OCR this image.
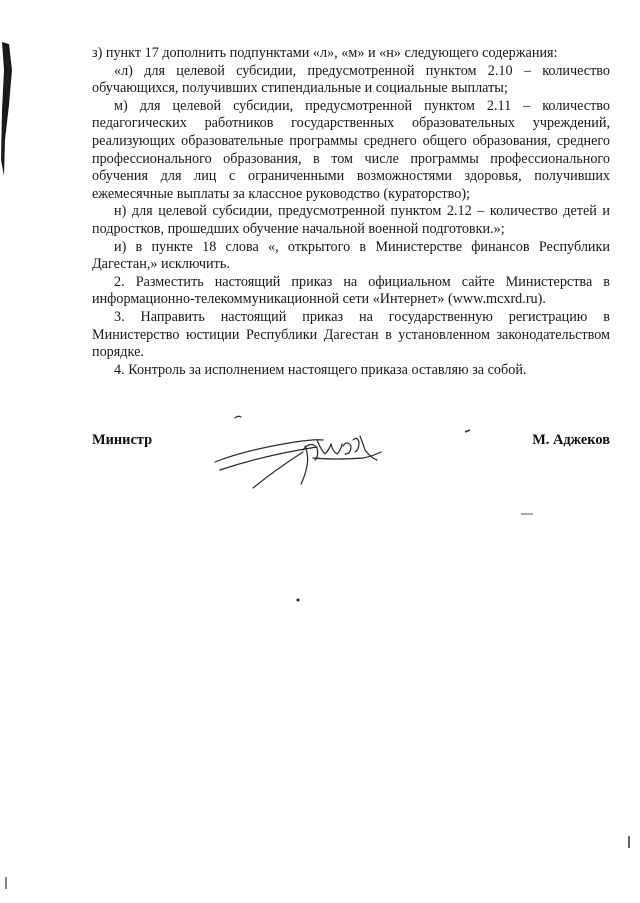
з) пункт 17 дополнить подпунктами «л», «м» и «н» следующего содержания:

«л) для целевой субсидии, предусмотренной пунктом 2.10 – количество обучающихся, получивших стипендиальные и социальные выплаты;

м) для целевой субсидии, предусмотренной пунктом 2.11 – количество педагогических работников государственных образовательных учреждений, реализующих образовательные программы среднего общего образования, среднего профессионального образования, в том числе программы профессионального обучения для лиц с ограниченными возможностями здоровья, получивших ежемесячные выплаты за классное руководство (кураторство);

н) для целевой субсидии, предусмотренной пунктом 2.12 – количество детей и подростков, прошедших обучение начальной военной подготовки.»;

и) в пункте 18 слова «, открытого в Министерстве финансов Республики Дагестан,» исключить.

2. Разместить настоящий приказ на официальном сайте Министерства в информационно-телекоммуникационной сети «Интернет» (www.mcxrd.ru).

3. Направить настоящий приказ на государственную регистрацию в Министерство юстиции Республики Дагестан в установленном законодательством порядке.

4. Контроль за исполнением настоящего приказа оставляю за собой.

Министр	М. Аджеков
